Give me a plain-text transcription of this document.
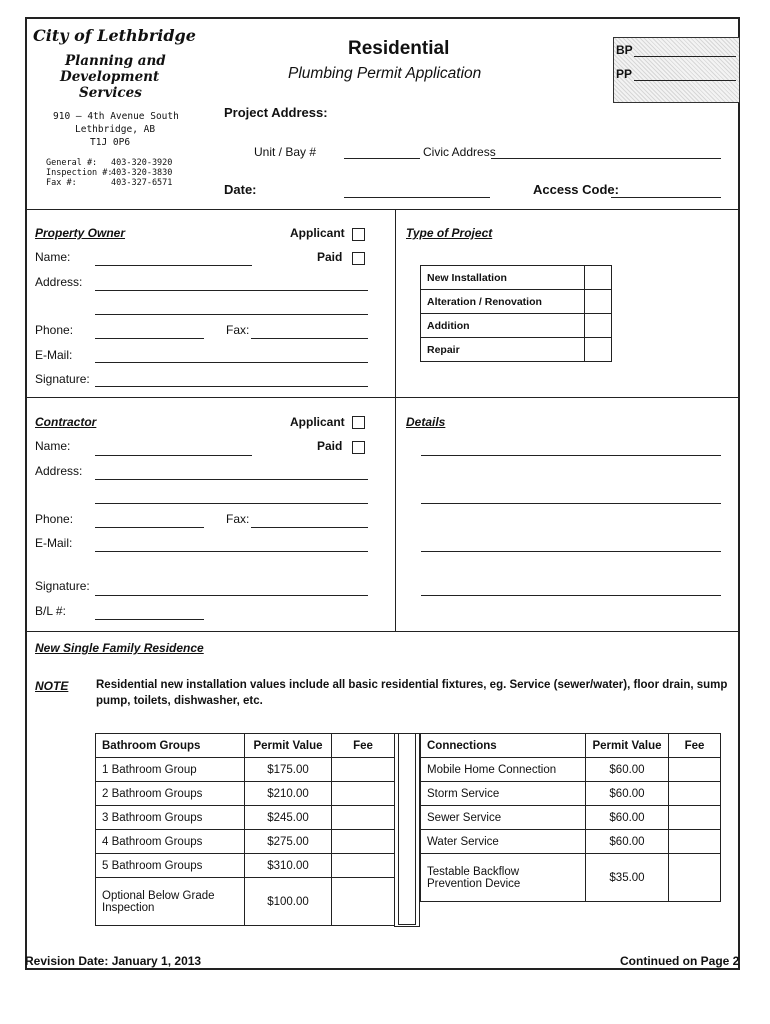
City of Lethbridge
Planning and
Development
Services
910 – 4th Avenue South
Lethbridge, AB
T1J 0P6
General #: 403-320-3920
Inspection #:
403-320-3830
Fax #:	403-327-6571
Residential
Plumbing Permit Application
BP
PP
Project Address:
Unit / Bay #	Civic Address
Date:	Access Code:
Property Owner	Applicant
Paid
Name:
Address:
Phone:	Fax:
E-Mail:
Signature:
Type of Project
New Installation	
Alteration / Renovation	
Addition	
Repair	
Contractor	Applicant
Paid
Name:
Address:
Phone:	Fax:
E-Mail:
Signature:
B/L #:
Details
New Single Family Residence
NOTE Residential new installation values include all basic residential fixtures, eg. Service (sewer/water), floor drain, sump
pump, toilets, dishwasher, etc.
Bathroom Groups	Permit Value	Fee
1 Bathroom Group	$175.00	
2 Bathroom Groups	$210.00	
3 Bathroom Groups	$245.00	
4 Bathroom Groups	$275.00	
5 Bathroom Groups	$310.00	
Optional Below Grade
Inspection	$100.00	
Connections	Permit Value	Fee
Mobile Home Connection	$60.00	
Storm Service	$60.00	
Sewer Service	$60.00	
Water Service	$60.00	
Testable Backflow
Prevention Device	$35.00	
Revision Date: January 1, 2013	Continued on Page 2
